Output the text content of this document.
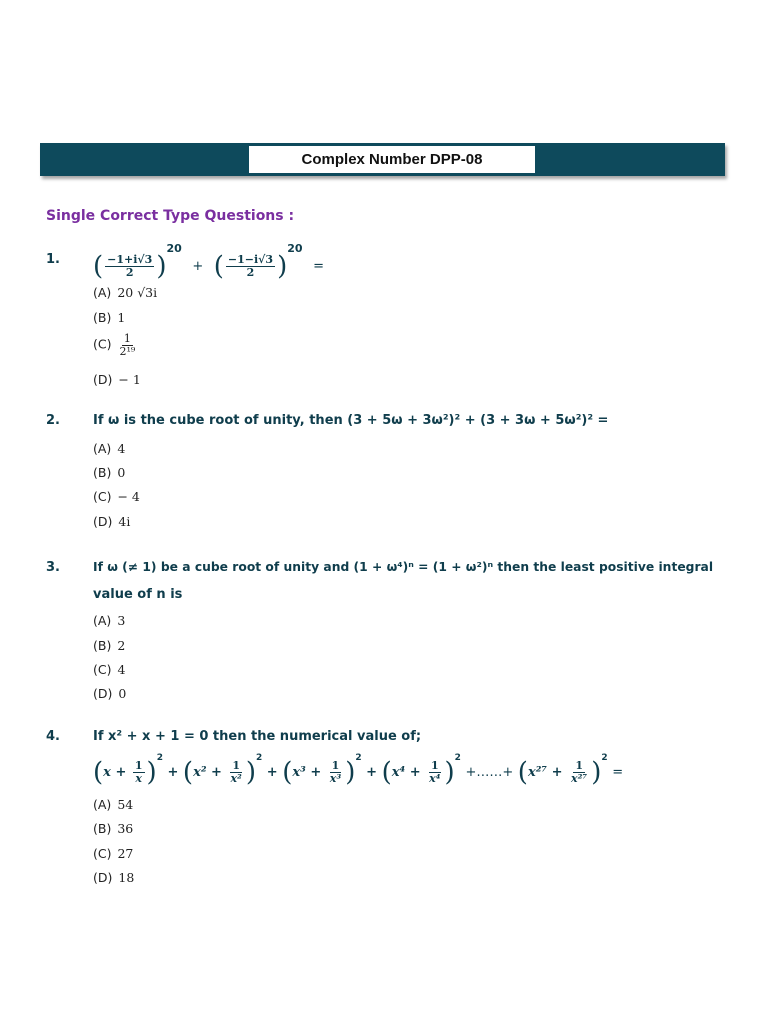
Complex Number DPP-08
Single Correct Type Questions :
1. ( $\frac{-1+i√3}{2} )^{20}$ + ( $\frac{-1-i√3}{2} )^{20}$ =
(A) 20 √3i
(B) 1
$(C) \frac{1}{\text{2¹⁹}}$
(D) − 1
2.	If ω is the cube root of unity, then (3 + 5ω + 3ω²)² + (3 + 3ω + 5ω²)² =
(A) 4
(B) 0
(C) − 4
(D) 4i
3.	If ω (≠ 1) be a cube root of unity and (1 + ω⁴)ⁿ = (1 + ω²)ⁿ then the least positive integral
value of n is
(A) 3
(B) 2
(C) 4
(D) 0
4.	If x² + x + 1 = 0 then the numerical value of;
$(x + \frac{1}{x} )^2 + (x^2 + \frac{1}{\text{x²}} )^2 + (x^3 + \frac{1}{\text{x³}} )^2 + (x^4 + \frac{1}{\text{x⁴}} )^2$ +……+ $(x^{27} + \frac{1}{\text{x²⁷}} )^2$ =
(A) 54
(B) 36
(C) 27
(D) 18
